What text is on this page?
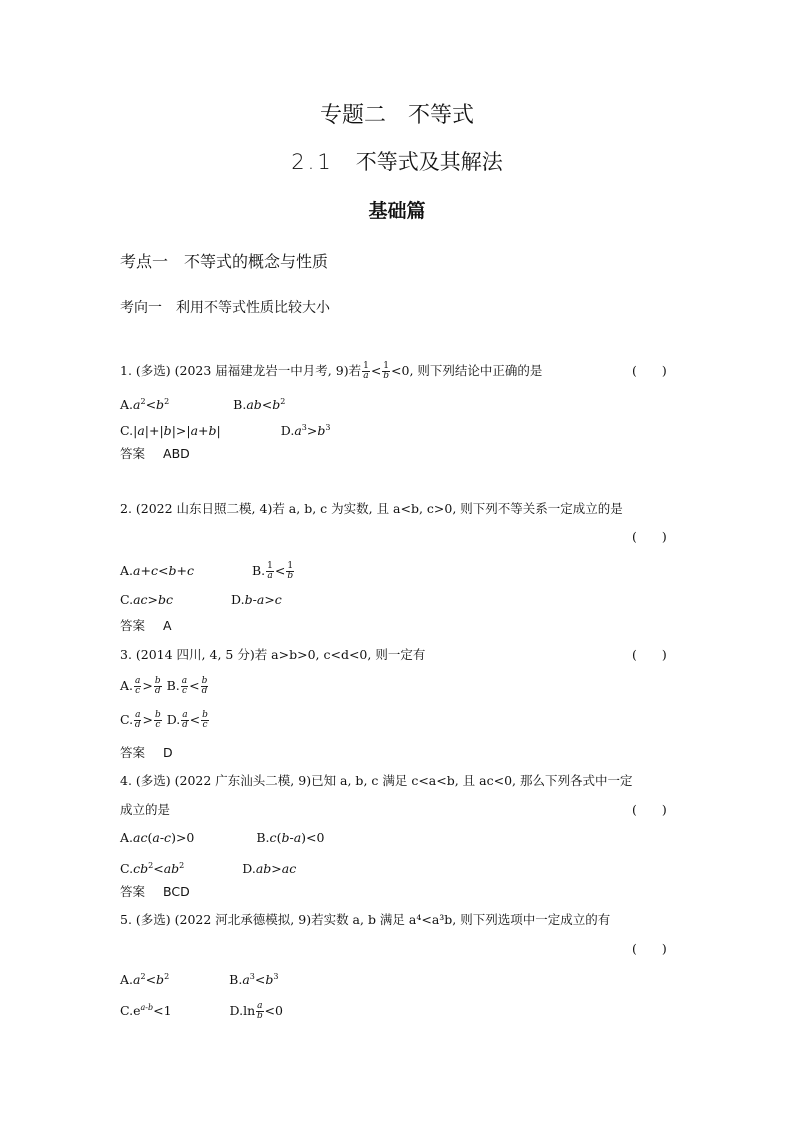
专题二　不等式
2.1 不等式及其解法
基础篇
考点一　不等式的概念与性质
考向一　利用不等式性质比较大小
1. (多选) (2023 届福建龙岩一中月考, 9)若 $\frac{1}{a} < \frac{1}{b} <0$, 则下列结论中正确的是	(　　)
$A.a^2<b^2$	$B.ab<b^2$
C.|a|+|b|>|a+b|	$D.a^3>b^3$
答案 ABD
2. (2022 山东日照二模, 4)若 a, b, c 为实数, 且 a<b, c>0, 则下列不等关系一定成立的是
(　　)
A.a+c<b+c	B. $\frac{1}{a} < \frac{1}{b}$
C.ac>bc	D.b-a>c
答案 A
3. (2014 四川, 4, 5 分)若 a>b>0, c<d<0, 则一定有	(　　)
A. $\frac{a}{c} > \frac{b}{d} B$. $\frac{a}{c} < \frac{b}{d}$
C. $\frac{a}{d} > \frac{b}{c} D$. $\frac{a}{d} < \frac{b}{c}$
答案 D
4. (多选) (2022 广东汕头二模, 9)已知 a, b, c 满足 c<a<b, 且 ac<0, 那么下列各式中一定
成立的是	(　　)
A.ac(a-c)>0	B.c(b-a)<0
$C.cb^2<ab^2$	D.ab>ac
答案 BCD
5. (多选) (2022 河北承德模拟, 9)若实数 a, b 满足 a⁴<a³b, 则下列选项中一定成立的有
(　　)
$A.a^2<b^2$	$B.a^3<b^3$
$C.e^{a-b}<1$	$D.\ln \frac{a}{b} <0$
